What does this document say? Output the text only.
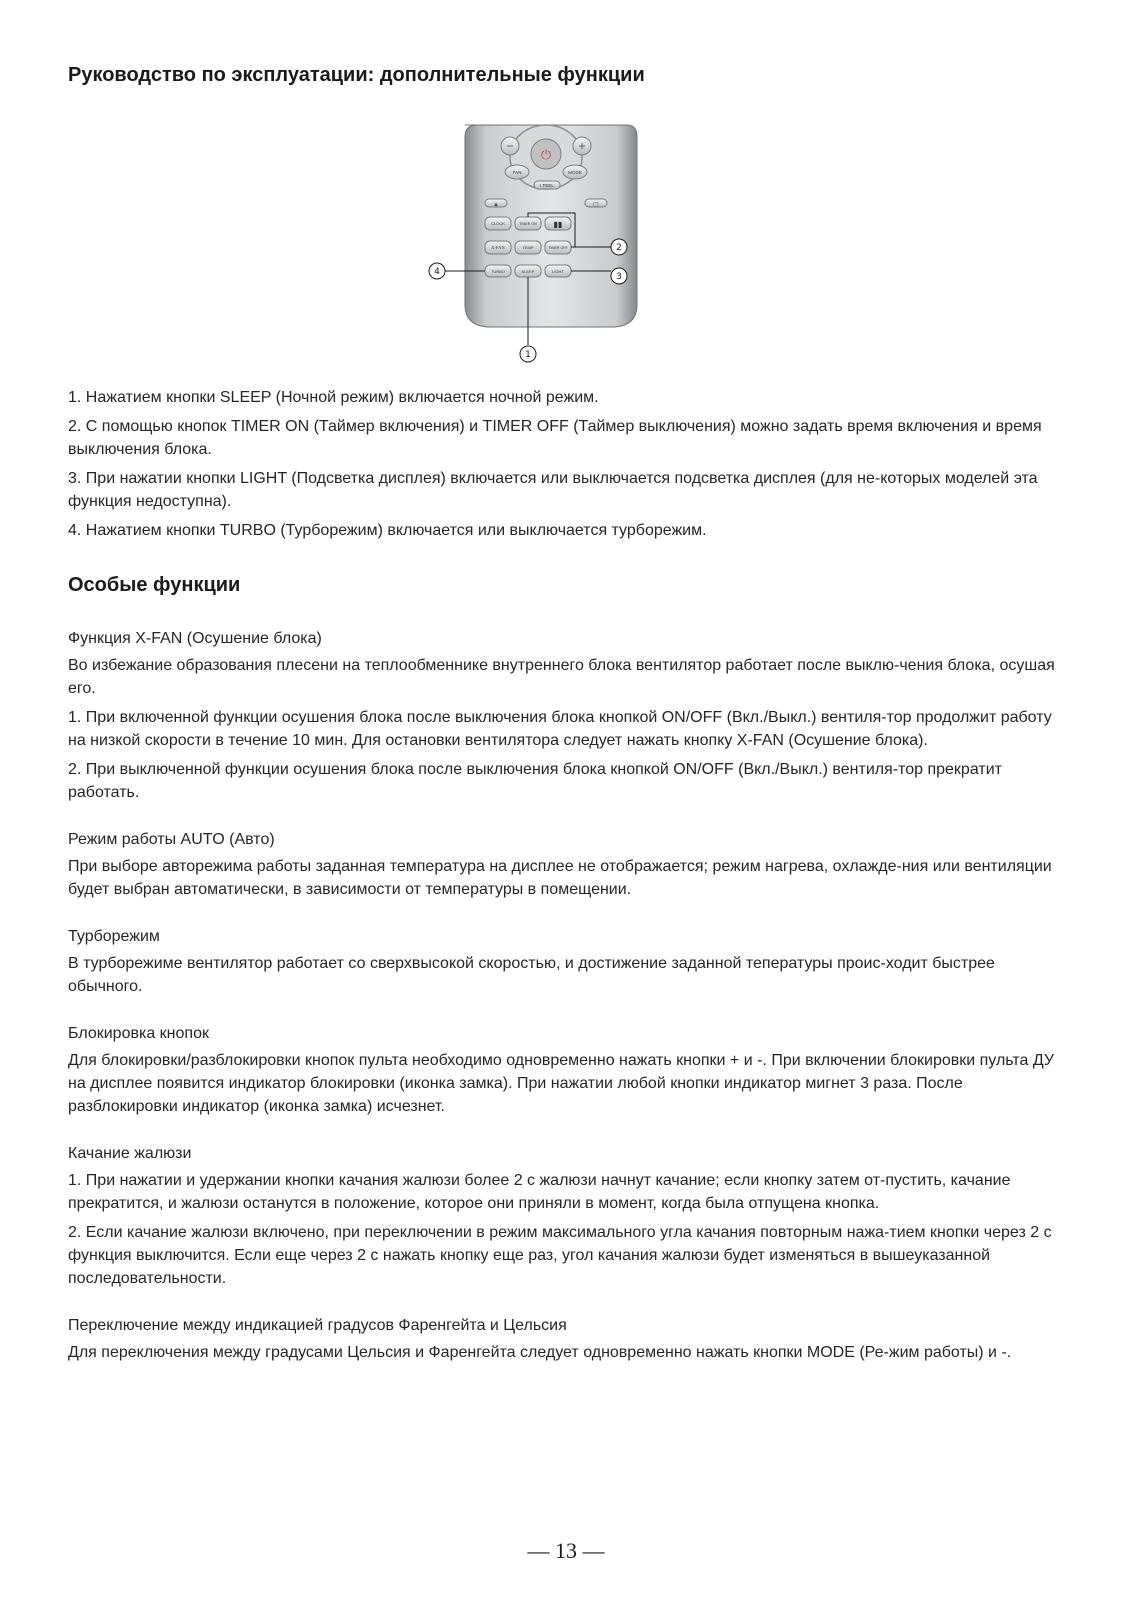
Руководство по эксплуатации: дополнительные функции
⏻
−	+
FAN	MODE
I FEEL
▲	▢
CLOCK	TIMER ON ▮▮
X-FAN	TEMP	TIMER OFF
TURBO	SLEEP	LIGHT
1
2
3
4

1. Нажатием кнопки SLEEP (Ночной режим) включается ночной режим.

2. С помощью кнопок TIMER ON (Таймер включения) и TIMER OFF (Таймер выключения) можно задать время включения и время выключения блока.

3. При нажатии кнопки LIGHT (Подсветка дисплея) включается или выключается подсветка дисплея (для не-которых моделей эта функция недоступна).

4. Нажатием кнопки TURBO (Турборежим) включается или выключается турборежим.

Особые функции

Функция X-FAN (Осушение блока)

Во избежание образования плесени на теплообменнике внутреннего блока вентилятор работает после выклю-чения блока, осушая его.

1. При включенной функции осушения блока после выключения блока кнопкой ON/OFF (Вкл./Выкл.) вентиля-тор продолжит работу на низкой скорости в течение 10 мин. Для остановки вентилятора следует нажать кнопку X-FAN (Осушение блока).

2. При выключенной функции осушения блока после выключения блока кнопкой ON/OFF (Вкл./Выкл.) вентиля-тор прекратит работать.

Режим работы AUTO (Авто)

При выборе авторежима работы заданная температура на дисплее не отображается; режим нагрева, охлажде-ния или вентиляции будет выбран автоматически, в зависимости от температуры в помещении.

Турборежим

В турборежиме вентилятор работает со сверхвысокой скоростью, и достижение заданной тепературы проис-ходит быстрее обычного.

Блокировка кнопок

Для блокировки/разблокировки кнопок пульта необходимо одновременно нажать кнопки + и -. При включении блокировки пульта ДУ на дисплее появится индикатор блокировки (иконка замка). При нажатии любой кнопки индикатор мигнет 3 раза. После разблокировки индикатор (иконка замка) исчезнет.

Качание жалюзи

1. При нажатии и удержании кнопки качания жалюзи более 2 с жалюзи начнут качание; если кнопку затем от-пустить, качание прекратится, и жалюзи останутся в положение, которое они приняли в момент, когда была отпущена кнопка.

2. Если качание жалюзи включено, при переключении в режим максимального угла качания повторным нажа-тием кнопки через 2 с функция выключится. Если еще через 2 с нажать кнопку еще раз, угол качания жалюзи будет изменяться в вышеуказанной последовательности.

Переключение между индикацией градусов Фаренгейта и Цельсия

Для переключения между градусами Цельсия и Фаренгейта следует одновременно нажать кнопки MODE (Ре-жим работы) и -.

— 13 —
